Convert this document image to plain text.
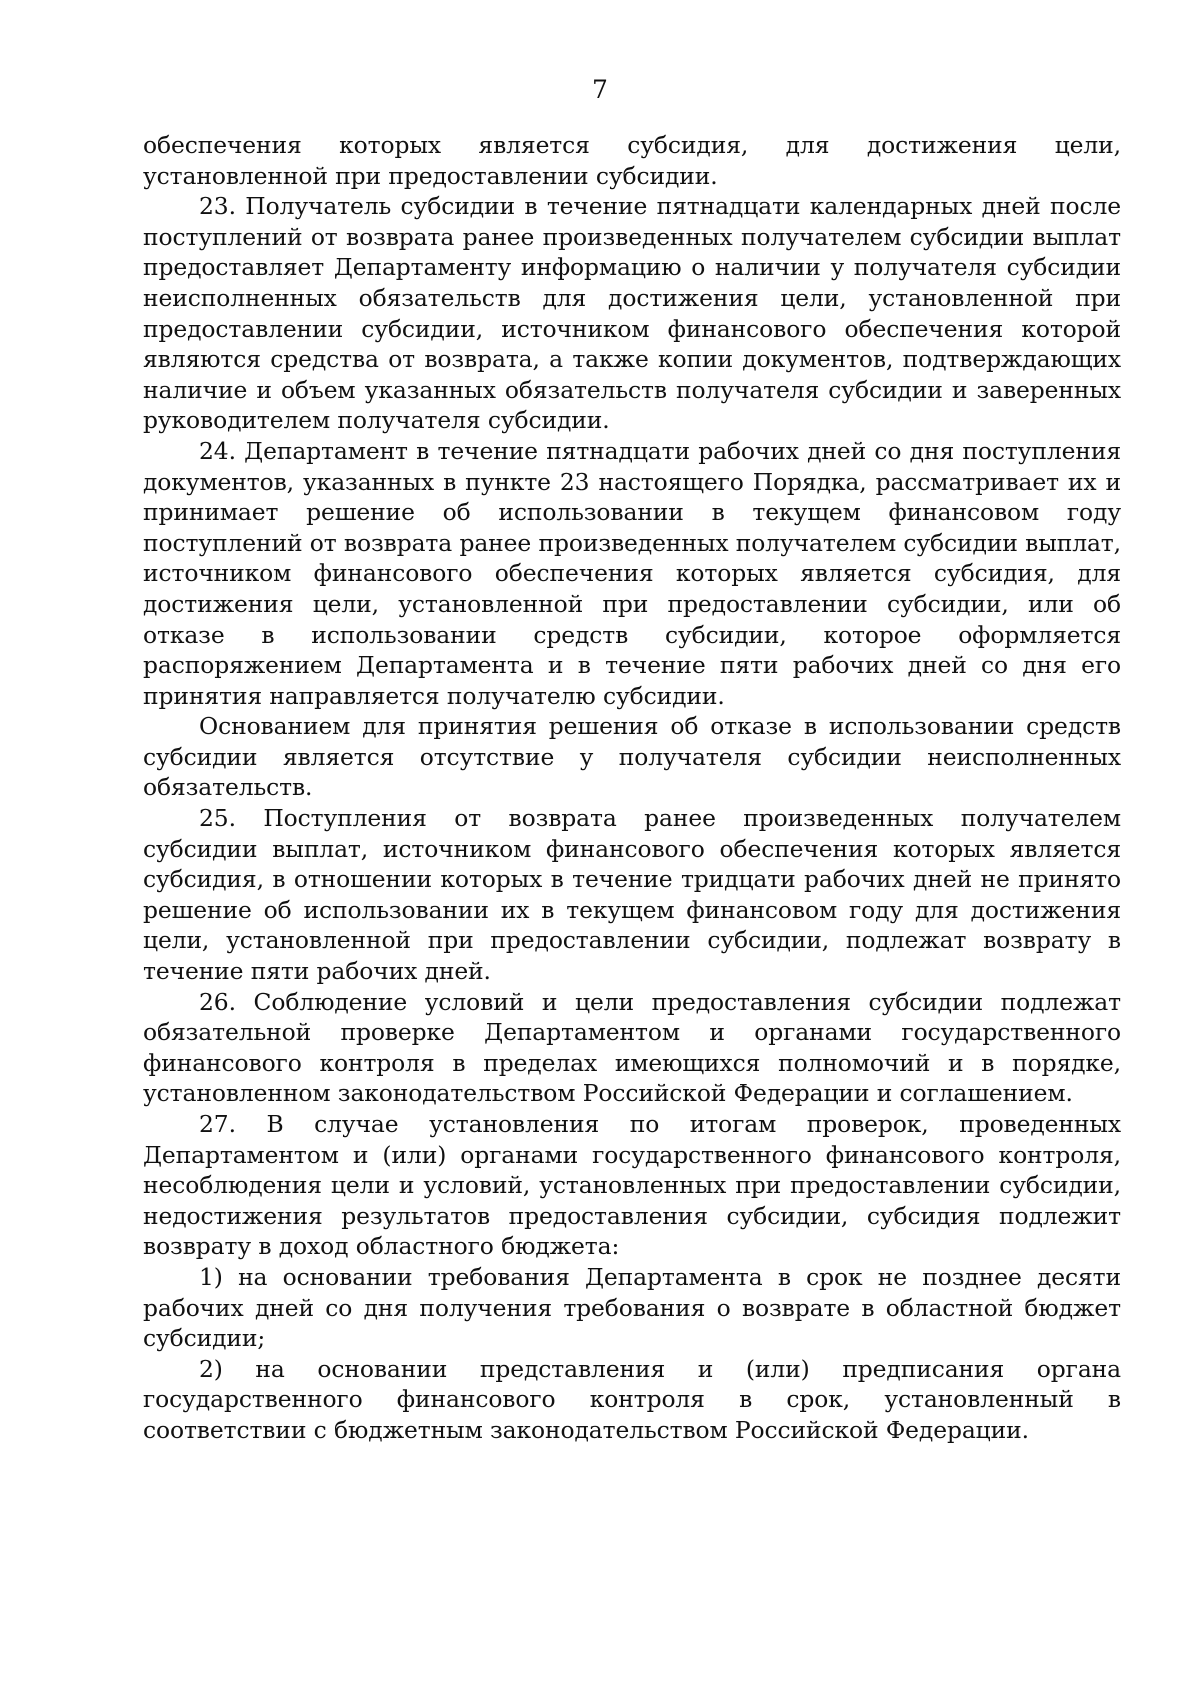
7

обеспечения которых является субсидия, для достижения цели, установленной при предоставлении субсидии.

23. Получатель субсидии в течение пятнадцати календарных дней после поступлений от возврата ранее произведенных получателем субсидии выплат предоставляет Департаменту информацию о наличии у получателя субсидии неисполненных обязательств для достижения цели, установленной при предоставлении субсидии, источником финансового обеспечения которой являются средства от возврата, а также копии документов, подтверждающих наличие и объем указанных обязательств получателя субсидии и заверенных руководителем получателя субсидии.

24. Департамент в течение пятнадцати рабочих дней со дня поступления документов, указанных в пункте 23 настоящего Порядка, рассматривает их и принимает решение об использовании в текущем финансовом году поступлений от возврата ранее произведенных получателем субсидии выплат, источником финансового обеспечения которых является субсидия, для достижения цели, установленной при предоставлении субсидии, или об отказе в использовании средств субсидии, которое оформляется распоряжением Департамента и в течение пяти рабочих дней со дня его принятия направляется получателю субсидии.

Основанием для принятия решения об отказе в использовании средств субсидии является отсутствие у получателя субсидии неисполненных обязательств.

25. Поступления от возврата ранее произведенных получателем субсидии выплат, источником финансового обеспечения которых является субсидия, в отношении которых в течение тридцати рабочих дней не принято решение об использовании их в текущем финансовом году для достижения цели, установленной при предоставлении субсидии, подлежат возврату в течение пяти рабочих дней.

26. Соблюдение условий и цели предоставления субсидии подлежат обязательной проверке Департаментом и органами государственного финансового контроля в пределах имеющихся полномочий и в порядке, установленном законодательством Российской Федерации и соглашением.

27. В случае установления по итогам проверок, проведенных Департаментом и (или) органами государственного финансового контроля, несоблюдения цели и условий, установленных при предоставлении субсидии, недостижения результатов предоставления субсидии, субсидия подлежит возврату в доход областного бюджета:

1) на основании требования Департамента в срок не позднее десяти рабочих дней со дня получения требования о возврате в областной бюджет субсидии;

2) на основании представления и (или) предписания органа государственного финансового контроля в срок, установленный в соответствии с бюджетным законодательством Российской Федерации.
